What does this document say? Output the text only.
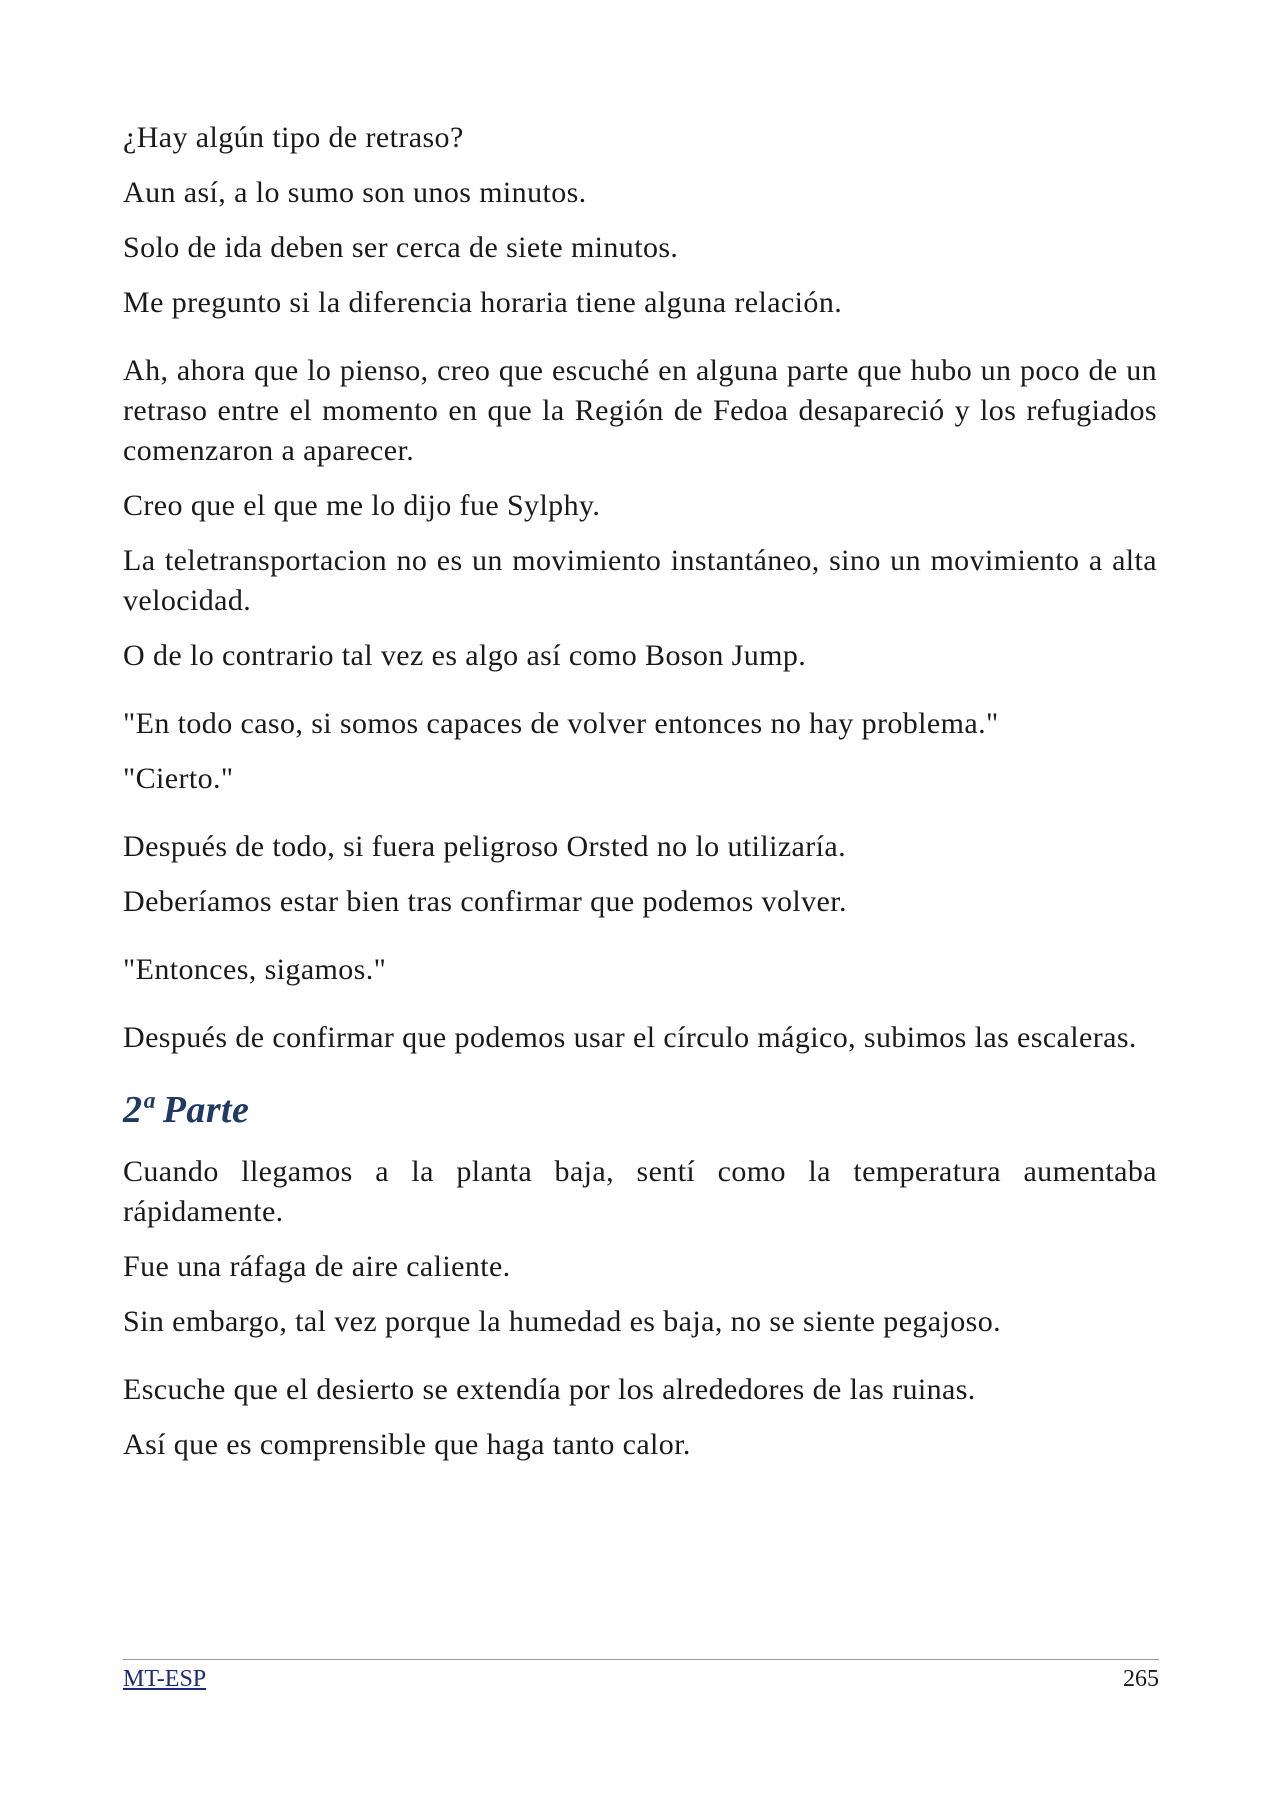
¿Hay algún tipo de retraso?

Aun así, a lo sumo son unos minutos.

Solo de ida deben ser cerca de siete minutos.

Me pregunto si la diferencia horaria tiene alguna relación.

Ah, ahora que lo pienso, creo que escuché en alguna parte que hubo un poco de un retraso entre el momento en que la Región de Fedoa desapareció y los refugiados comenzaron a aparecer.

Creo que el que me lo dijo fue Sylphy.

La teletransportacion no es un movimiento instantáneo, sino un movimiento a alta velocidad.

O de lo contrario tal vez es algo así como Boson Jump.

"En todo caso, si somos capaces de volver entonces no hay problema."

"Cierto."

Después de todo, si fuera peligroso Orsted no lo utilizaría.

Deberíamos estar bien tras confirmar que podemos volver.

"Entonces, sigamos."

Después de confirmar que podemos usar el círculo mágico, subimos las escaleras.

2ª Parte

Cuando llegamos a la planta baja, sentí como la temperatura aumentaba rápidamente.

Fue una ráfaga de aire caliente.

Sin embargo, tal vez porque la humedad es baja, no se siente pegajoso.

Escuche que el desierto se extendía por los alrededores de las ruinas.

Así que es comprensible que haga tanto calor.

MT-ESP	265
